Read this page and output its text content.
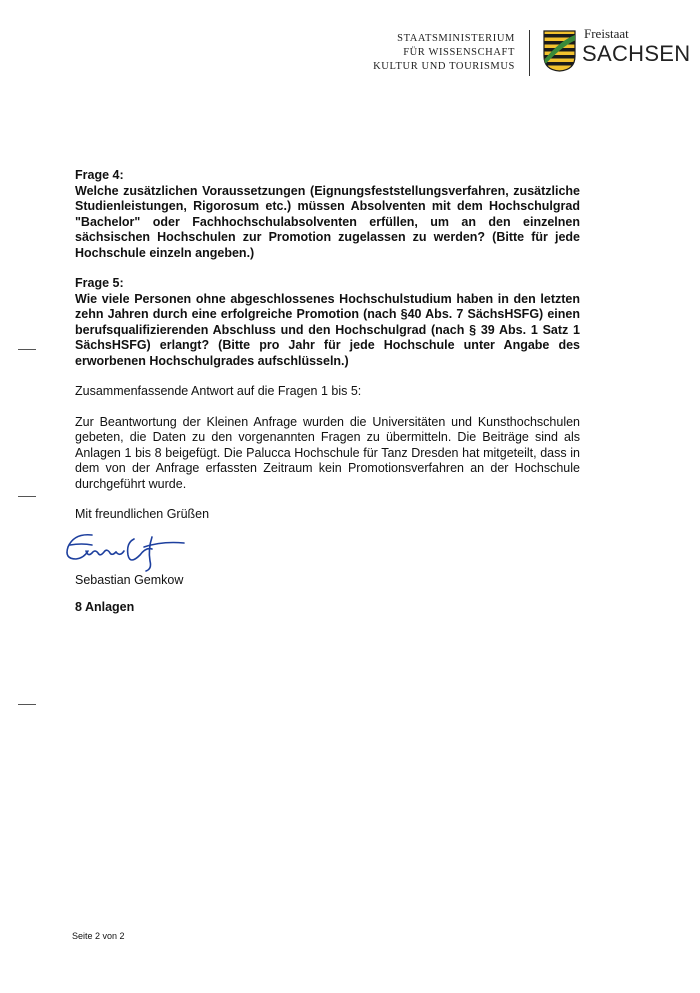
STAATSMINISTERIUM
FÜR WISSENSCHAFT
KULTUR UND TOURISMUS
Freistaat
SACHSEN
Frage 4:
Welche zusätzlichen Voraussetzungen (Eignungsfeststellungsverfahren, zusätzliche Studienleistungen, Rigorosum etc.) müssen Absolventen mit dem Hochschulgrad "Bachelor" oder Fachhochschulabsolventen erfüllen, um an den einzelnen sächsischen Hochschulen zur Promotion zugelassen zu werden? (Bitte für jede Hochschule einzeln angeben.)
Frage 5:
Wie viele Personen ohne abgeschlossenes Hochschulstudium haben in den letzten zehn Jahren durch eine erfolgreiche Promotion (nach §40 Abs. 7 SächsHSFG) einen berufsqualifizierenden Abschluss und den Hochschulgrad (nach § 39 Abs. 1 Satz 1 SächsHSFG) erlangt? (Bitte pro Jahr für jede Hochschule unter Angabe des erworbenen Hochschulgrades aufschlüsseln.)
Zusammenfassende Antwort auf die Fragen 1 bis 5:
Zur Beantwortung der Kleinen Anfrage wurden die Universitäten und Kunsthochschulen gebeten, die Daten zu den vorgenannten Fragen zu übermitteln. Die Beiträge sind als Anlagen 1 bis 8 beigefügt. Die Palucca Hochschule für Tanz Dresden hat mitgeteilt, dass in dem von der Anfrage erfassten Zeitraum kein Promotionsverfahren an der Hochschule durchgeführt wurde.
Mit freundlichen Grüßen
Sebastian Gemkow
8 Anlagen
Seite 2 von 2
